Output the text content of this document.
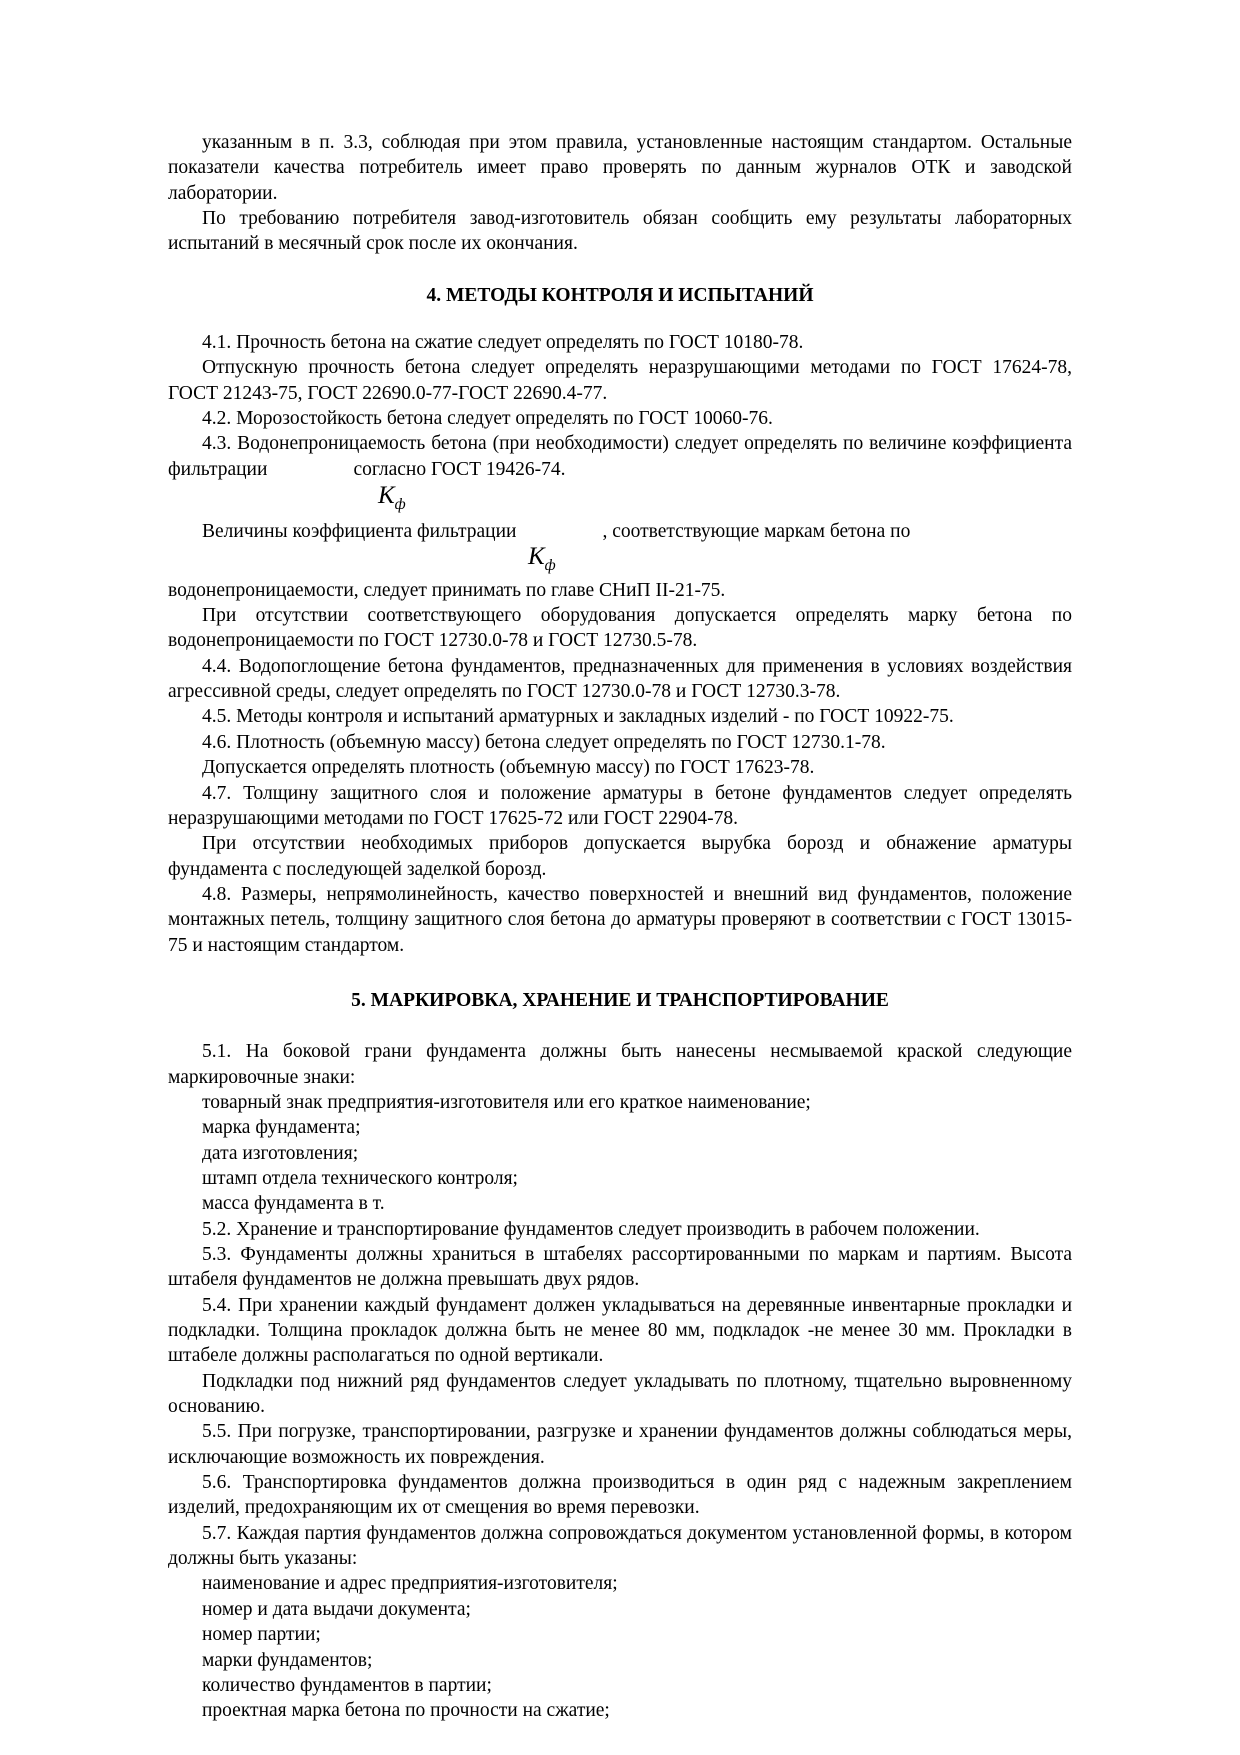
указанным в п. 3.3, соблюдая при этом правила, установленные настоящим стандартом. Остальные показатели качества потребитель имеет право проверять по данным журналов ОТК и заводской лаборатории.

По требованию потребителя завод-изготовитель обязан сообщить ему результаты лабораторных испытаний в месячный срок после их окончания.

4. МЕТОДЫ КОНТРОЛЯ И ИСПЫТАНИЙ

4.1. Прочность бетона на сжатие следует определять по ГОСТ 10180-78.

Отпускную прочность бетона следует определять неразрушающими методами по ГОСТ 17624-78, ГОСТ 21243-75, ГОСТ 22690.0-77-ГОСТ 22690.4-77.

4.2. Морозостойкость бетона следует определять по ГОСТ 10060-76.

4.3. Водонепроницаемость бетона (при необходимости) следует определять по величине коэффициента фильтрации	согласно ГОСТ 19426-74.

$К_ф$

Величины коэффициента фильтрации	, соответствующие маркам бетона по

$К_ф$

водонепроницаемости, следует принимать по главе СНиП II-21-75.

При отсутствии соответствующего оборудования допускается определять марку бетона по водонепроницаемости по ГОСТ 12730.0-78 и ГОСТ 12730.5-78.

4.4. Водопоглощение бетона фундаментов, предназначенных для применения в условиях воздействия агрессивной среды, следует определять по ГОСТ 12730.0-78 и ГОСТ 12730.3-78.

4.5. Методы контроля и испытаний арматурных и закладных изделий - по ГОСТ 10922-75.

4.6. Плотность (объемную массу) бетона следует определять по ГОСТ 12730.1-78.

Допускается определять плотность (объемную массу) по ГОСТ 17623-78.

4.7. Толщину защитного слоя и положение арматуры в бетоне фундаментов следует определять неразрушающими методами по ГОСТ 17625-72 или ГОСТ 22904-78.

При отсутствии необходимых приборов допускается вырубка борозд и обнажение арматуры фундамента с последующей заделкой борозд.

4.8. Размеры, непрямолинейность, качество поверхностей и внешний вид фундаментов, положение монтажных петель, толщину защитного слоя бетона до арматуры проверяют в соответствии с ГОСТ 13015-75 и настоящим стандартом.

5. МАРКИРОВКА, ХРАНЕНИЕ И ТРАНСПОРТИРОВАНИЕ

5.1. На боковой грани фундамента должны быть нанесены несмываемой краской следующие маркировочные знаки:

товарный знак предприятия-изготовителя или его краткое наименование;

марка фундамента;

дата изготовления;

штамп отдела технического контроля;

масса фундамента в т.

5.2. Хранение и транспортирование фундаментов следует производить в рабочем положении.

5.3. Фундаменты должны храниться в штабелях рассортированными по маркам и партиям. Высота штабеля фундаментов не должна превышать двух рядов.

5.4. При хранении каждый фундамент должен укладываться на деревянные инвентарные прокладки и подкладки. Толщина прокладок должна быть не менее 80 мм, подкладок -не менее 30 мм. Прокладки в штабеле должны располагаться по одной вертикали.

Подкладки под нижний ряд фундаментов следует укладывать по плотному, тщательно выровненному основанию.

5.5. При погрузке, транспортировании, разгрузке и хранении фундаментов должны соблюдаться меры, исключающие возможность их повреждения.

5.6. Транспортировка фундаментов должна производиться в один ряд с надежным закреплением изделий, предохраняющим их от смещения во время перевозки.

5.7. Каждая партия фундаментов должна сопровождаться документом установленной формы, в котором должны быть указаны:

наименование и адрес предприятия-изготовителя;

номер и дата выдачи документа;

номер партии;

марки фундаментов;

количество фундаментов в партии;

проектная марка бетона по прочности на сжатие;
